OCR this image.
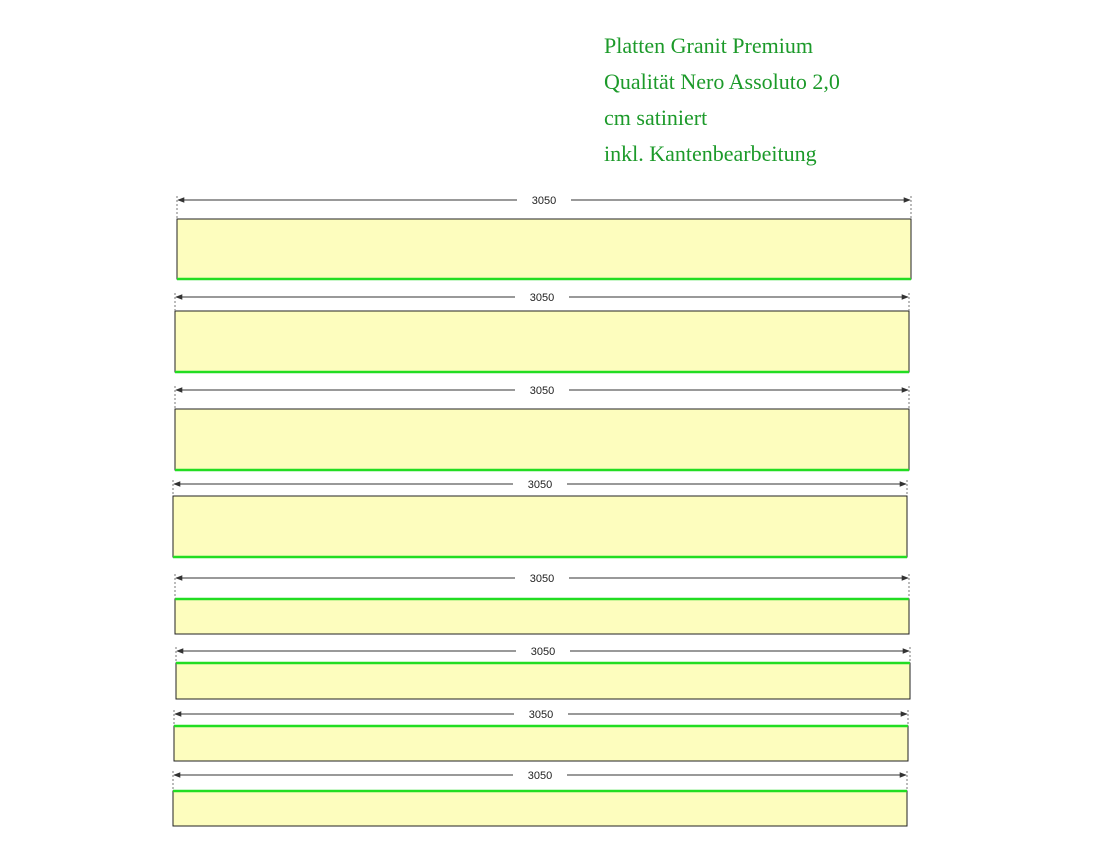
Platten Granit Premium
Qualität Nero Assoluto 2,0
cm satiniert
inkl. Kantenbearbeitung
3050
3050
3050
3050
3050
3050
3050
3050
